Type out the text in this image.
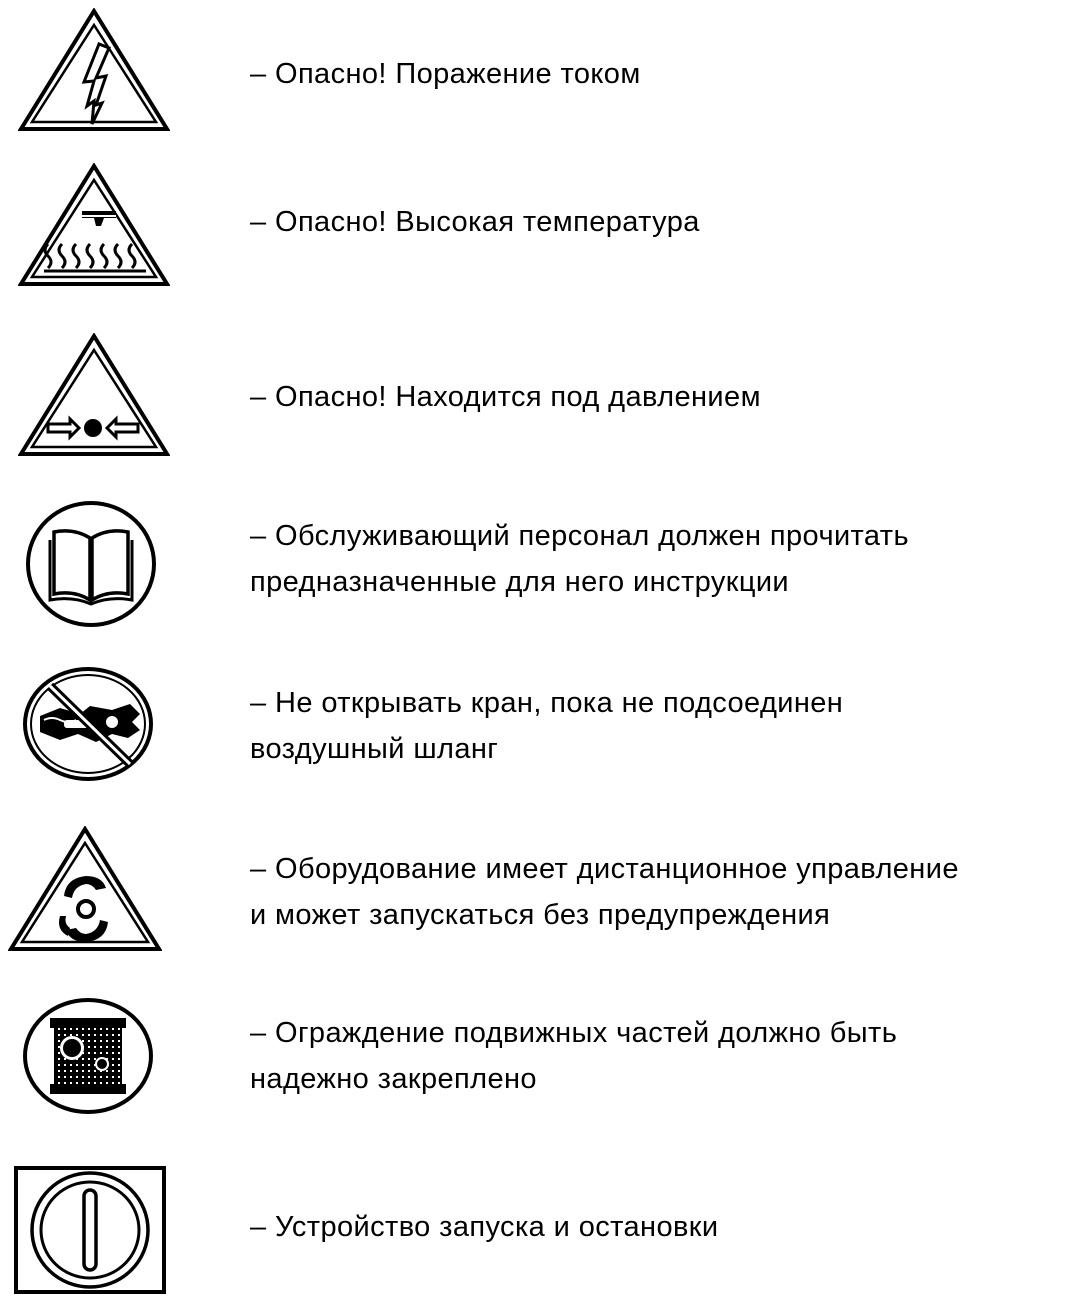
– Опасно! Поражение током

– Опасно! Высокая температура

– Опасно! Находится под давлением

– Обслуживающий персонал должен прочитать
предназначенные для него инструкции

– Не открывать кран, пока не подсоединен
воздушный шланг

– Оборудование имеет дистанционное управление
и может запускаться без предупреждения

– Ограждение подвижных частей должно быть
надежно закреплено

– Устройство запуска и остановки
